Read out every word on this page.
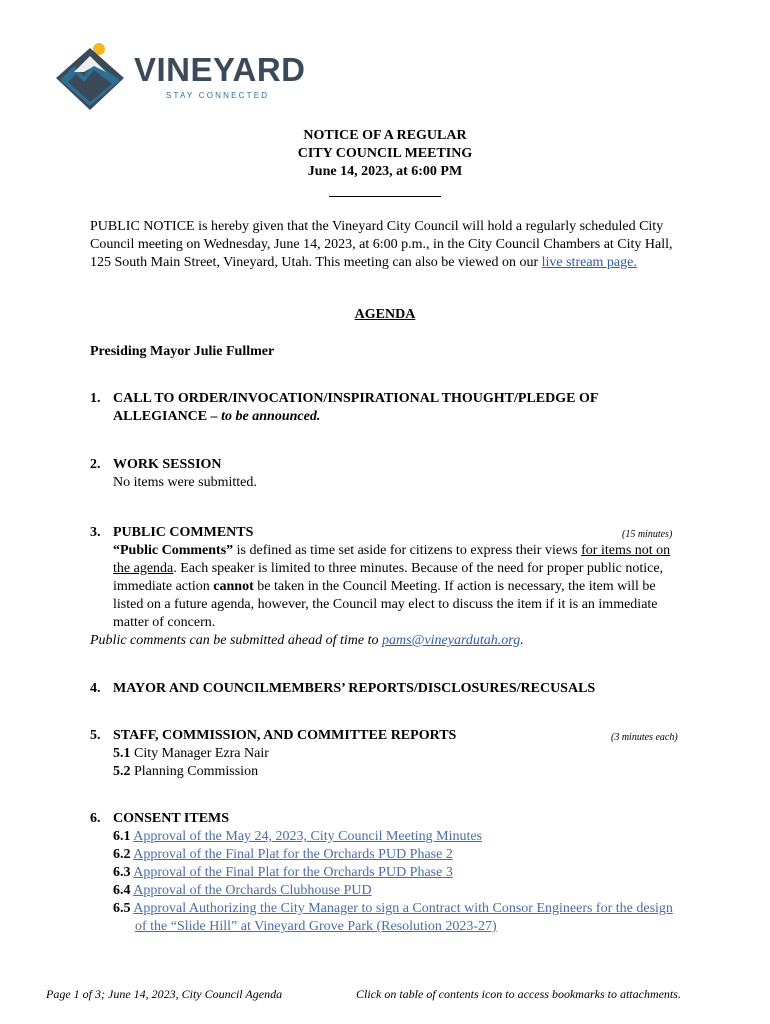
VINEYARD
STAY CONNECTED
NOTICE OF A REGULAR
CITY COUNCIL MEETING
June 14, 2023, at 6:00 PM
PUBLIC NOTICE is hereby given that the Vineyard City Council will hold a regularly scheduled City Council meeting on Wednesday, June 14, 2023, at 6:00 p.m., in the City Council Chambers at City Hall, 125 South Main Street, Vineyard, Utah. This meeting can also be viewed on our live stream page.
AGENDA
Presiding Mayor Julie Fullmer
1. CALL TO ORDER/INVOCATION/INSPIRATIONAL THOUGHT/PLEDGE OF
ALLEGIANCE – to be announced.
2. WORK SESSION
No items were submitted.
3. PUBLIC COMMENTS
“Public Comments” is defined as time set aside for citizens to express their views for items not on the agenda. Each speaker is limited to three minutes. Because of the need for proper public notice, immediate action cannot be taken in the Council Meeting. If action is necessary, the item will be listed on a future agenda, however, the Council may elect to discuss the item if it is an immediate matter of concern.
(15 minutes)
Public comments can be submitted ahead of time to pams@vineyardutah.org.
4. MAYOR AND COUNCILMEMBERS’ REPORTS/DISCLOSURES/RECUSALS
5. STAFF, COMMISSION, AND COMMITTEE REPORTS
5.1 City Manager Ezra Nair
5.2 Planning Commission
(3 minutes each)
6. CONSENT ITEMS
6.1 Approval of the May 24, 2023, City Council Meeting Minutes
6.2 Approval of the Final Plat for the Orchards PUD Phase 2
6.3 Approval of the Final Plat for the Orchards PUD Phase 3
6.4 Approval of the Orchards Clubhouse PUD
6.5 Approval Authorizing the City Manager to sign a Contract with Consor Engineers for the design of the “Slide Hill” at Vineyard Grove Park (Resolution 2023-27)
Page 1 of 3; June 14, 2023, City Council Agenda	Click on table of contents icon to access bookmarks to attachments.
